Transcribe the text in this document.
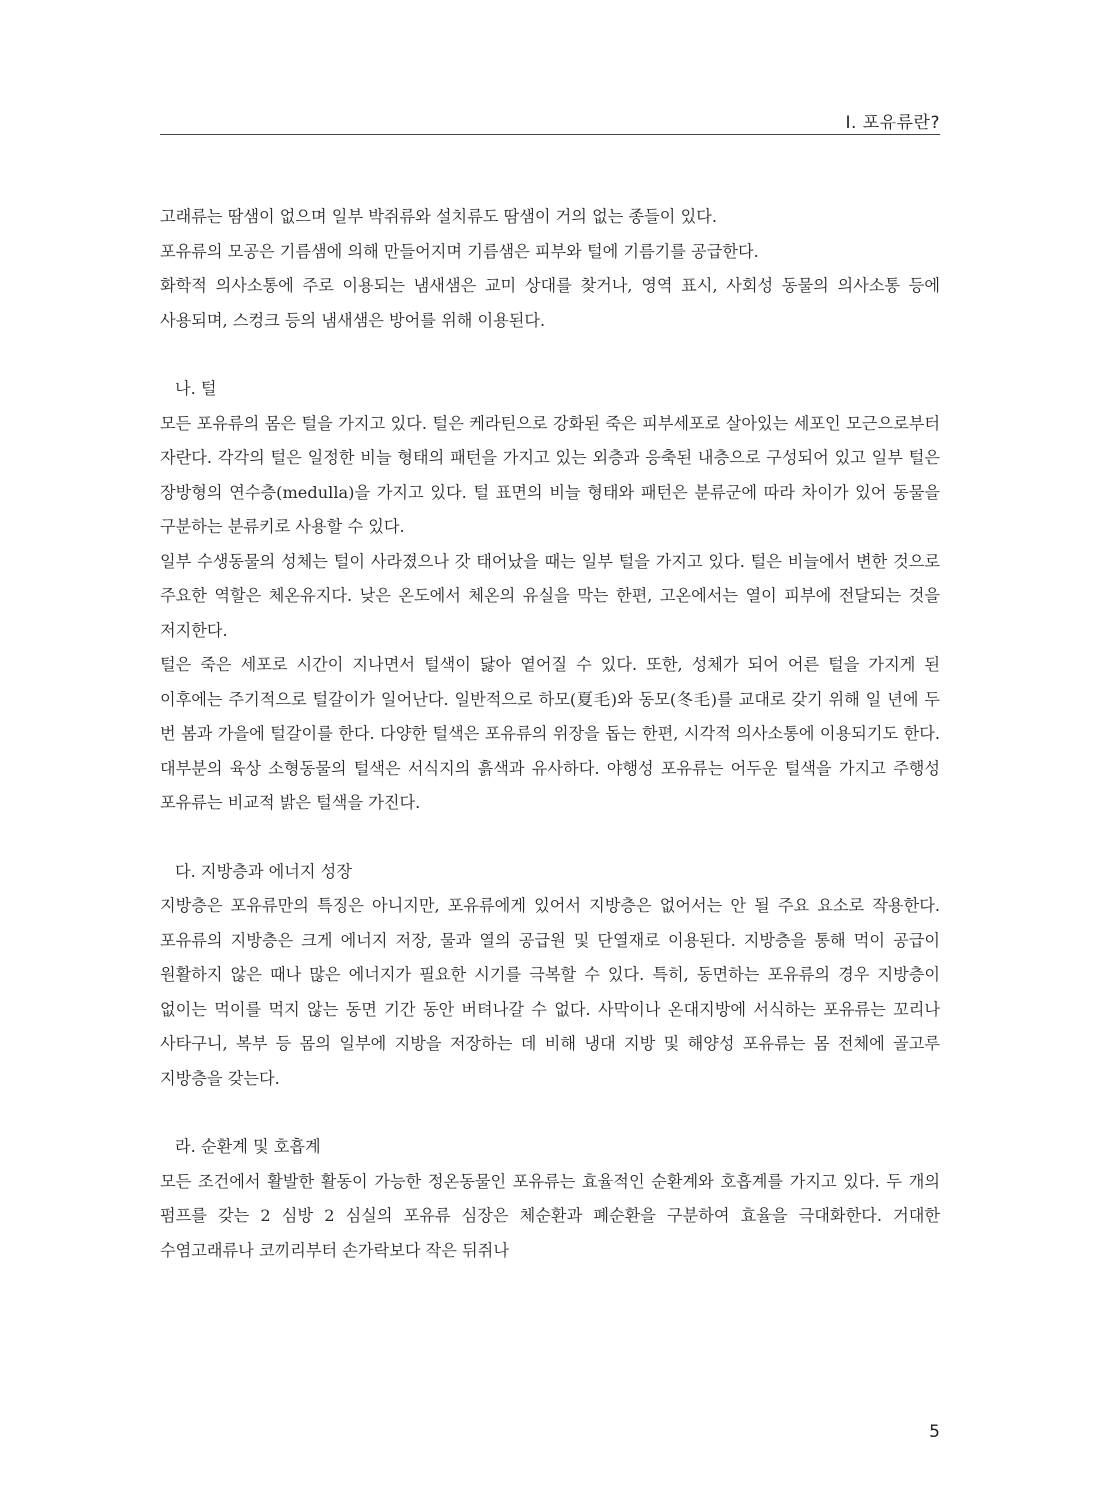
Ⅰ. 포유류란?

고래류는 땀샘이 없으며 일부 박쥐류와 설치류도 땀샘이 거의 없는 종들이 있다.

포유류의 모공은 기름샘에 의해 만들어지며 기름샘은 피부와 털에 기름기를 공급한다.

화학적 의사소통에 주로 이용되는 냄새샘은 교미 상대를 찾거나, 영역 표시, 사회성 동물의 의사소통 등에 사용되며, 스컹크 등의 냄새샘은 방어를 위해 이용된다.

나. 털

모든 포유류의 몸은 털을 가지고 있다. 털은 케라틴으로 강화된 죽은 피부세포로 살아있는 세포인 모근으로부터 자란다. 각각의 털은 일정한 비늘 형태의 패턴을 가지고 있는 외층과 응축된 내층으로 구성되어 있고 일부 털은 장방형의 연수층(medulla)을 가지고 있다. 털 표면의 비늘 형태와 패턴은 분류군에 따라 차이가 있어 동물을 구분하는 분류키로 사용할 수 있다.

일부 수생동물의 성체는 털이 사라졌으나 갓 태어났을 때는 일부 털을 가지고 있다. 털은 비늘에서 변한 것으로 주요한 역할은 체온유지다. 낮은 온도에서 체온의 유실을 막는 한편, 고온에서는 열이 피부에 전달되는 것을 저지한다.

털은 죽은 세포로 시간이 지나면서 털색이 닳아 옅어질 수 있다. 또한, 성체가 되어 어른 털을 가지게 된 이후에는 주기적으로 털갈이가 일어난다. 일반적으로 하모(夏毛)와 동모(冬毛)를 교대로 갖기 위해 일 년에 두 번 봄과 가을에 털갈이를 한다. 다양한 털색은 포유류의 위장을 돕는 한편, 시각적 의사소통에 이용되기도 한다. 대부분의 육상 소형동물의 털색은 서식지의 흙색과 유사하다. 야행성 포유류는 어두운 털색을 가지고 주행성 포유류는 비교적 밝은 털색을 가진다.

다. 지방층과 에너지 성장

지방층은 포유류만의 특징은 아니지만, 포유류에게 있어서 지방층은 없어서는 안 될 주요 요소로 작용한다. 포유류의 지방층은 크게 에너지 저장, 물과 열의 공급원 및 단열재로 이용된다. 지방층을 통해 먹이 공급이 원활하지 않은 때나 많은 에너지가 필요한 시기를 극복할 수 있다. 특히, 동면하는 포유류의 경우 지방층이 없이는 먹이를 먹지 않는 동면 기간 동안 버텨나갈 수 없다. 사막이나 온대지방에 서식하는 포유류는 꼬리나 사타구니, 복부 등 몸의 일부에 지방을 저장하는 데 비해 냉대 지방 및 해양성 포유류는 몸 전체에 골고루 지방층을 갖는다.

라. 순환계 및 호흡계

모든 조건에서 활발한 활동이 가능한 정온동물인 포유류는 효율적인 순환계와 호흡계를 가지고 있다. 두 개의 펌프를 갖는 2 심방 2 심실의 포유류 심장은 체순환과 폐순환을 구분하여 효율을 극대화한다. 거대한 수염고래류나 코끼리부터 손가락보다 작은 뒤쥐나

5
